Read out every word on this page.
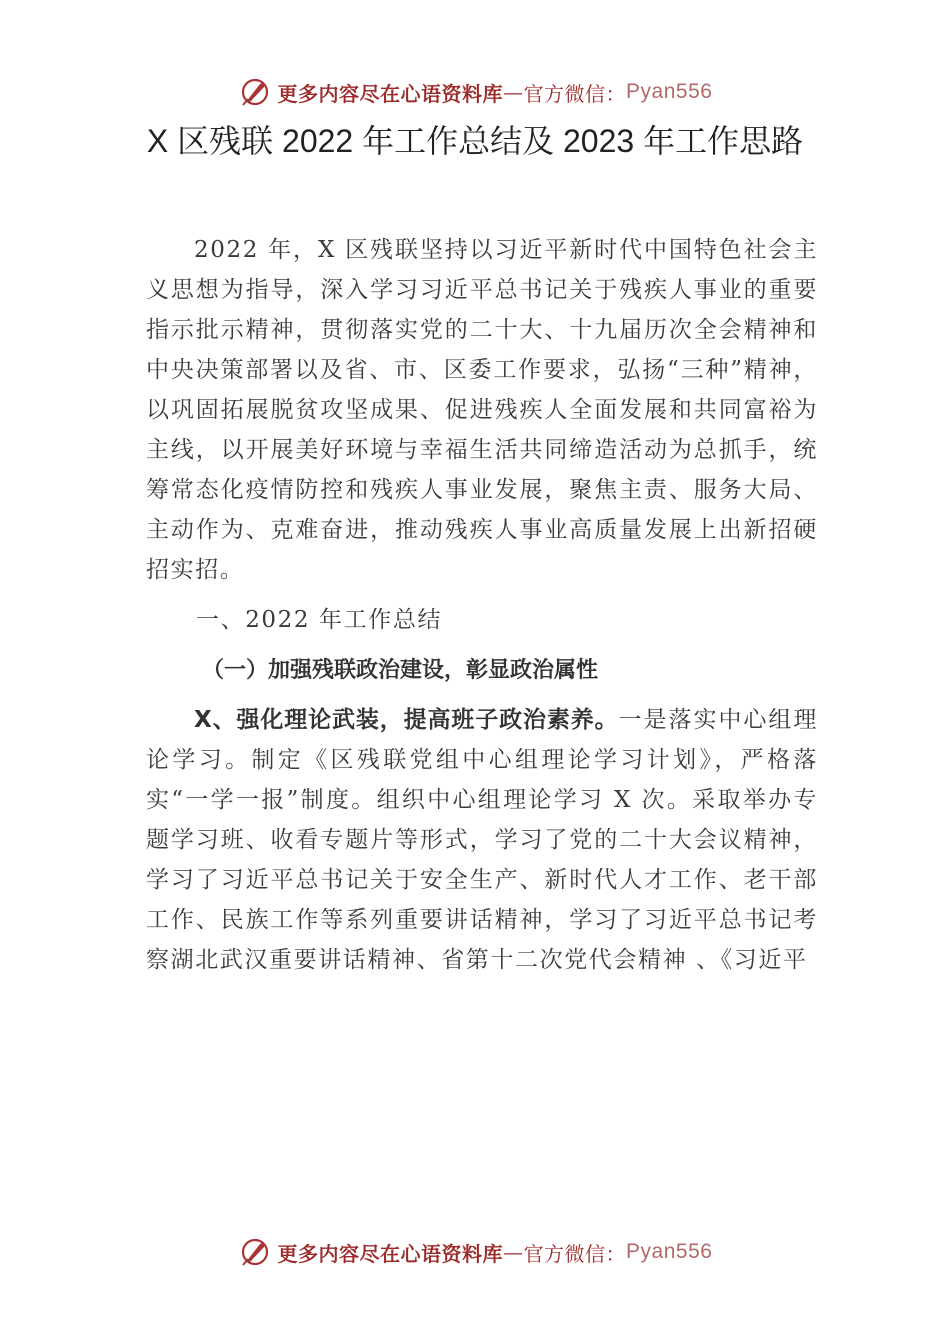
更多内容尽在心语资料库 — 官方微信： Pyan556
X 区残联 2022 年工作总结及 2023 年工作思路

2022 年，X 区残联坚持以习近平新时代中国特色社会主义思想为指导，深入学习习近平总书记关于残疾人事业的重要指示批示精神，贯彻落实党的二十大、十九届历次全会精神和中央决策部署以及省、市、区委工作要求，弘扬“三种”精神，以巩固拓展脱贫攻坚成果、促进残疾人全面发展和共同富裕为主线，以开展美好环境与幸福生活共同缔造活动为总抓手，统筹常态化疫情防控和残疾人事业发展，聚焦主责、服务大局、主动作为、克难奋进，推动残疾人事业高质量发展上出新招硬招实招。

一、2022 年工作总结

（一）加强残联政治建设，彰显政治属性

X、强化理论武装，提高班子政治素养。一是落实中心组理论学习。制定《区残联党组中心组理论学习计划》，严格落实“一学一报”制度。组织中心组理论学习 X 次。采取举办专题学习班、收看专题片等形式，学习了党的二十大会议精神， 学习了习近平总书记关于安全生产、新时代人才工作、老干部工作、民族工作等系列重要讲话精神，学习了习近平总书记考察湖北武汉重要讲话精神、省第十二次党代会精神 、《习近平

更多内容尽在心语资料库 — 官方微信： Pyan556
